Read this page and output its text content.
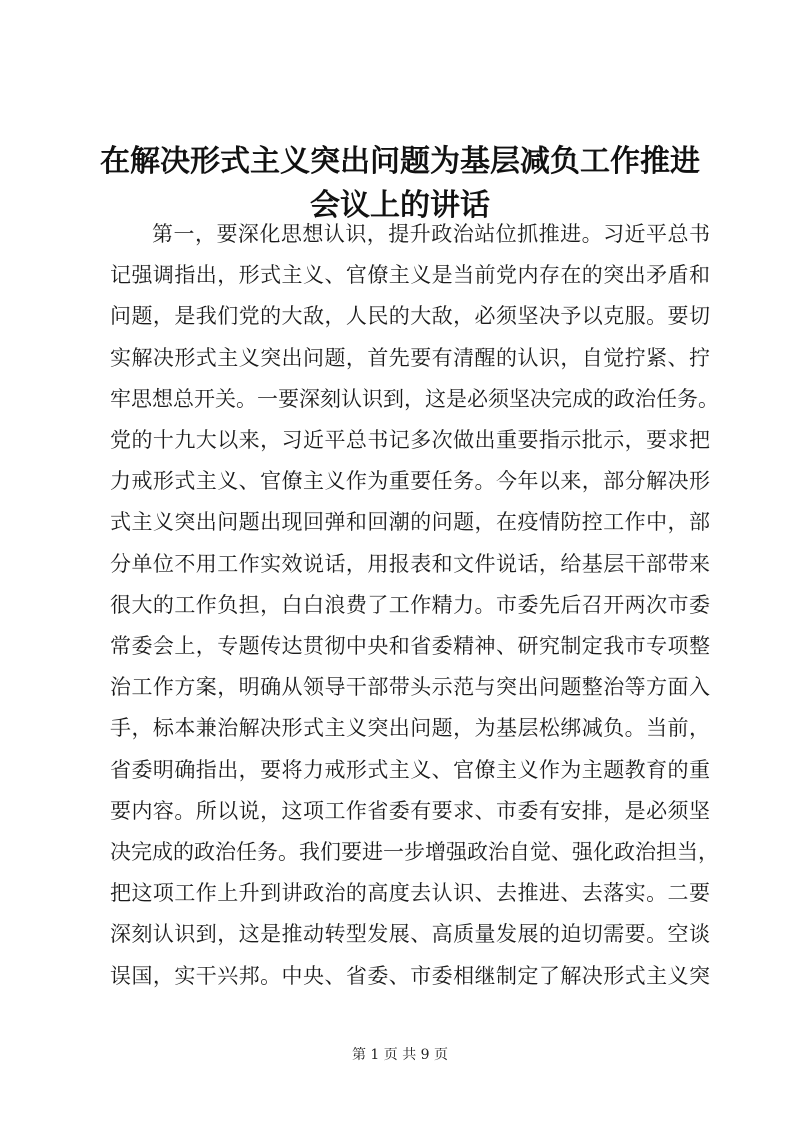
在解决形式主义突出问题为基层减负工作推进
会议上的讲话
第一，要深化思想认识，提升政治站位抓推进。习近平总书
记强调指出，形式主义、官僚主义是当前党内存在的突出矛盾和
问题，是我们党的大敌，人民的大敌，必须坚决予以克服。要切
实解决形式主义突出问题，首先要有清醒的认识，自觉拧紧、拧
牢思想总开关。一要深刻认识到，这是必须坚决完成的政治任务。
党的十九大以来，习近平总书记多次做出重要指示批示，要求把
力戒形式主义、官僚主义作为重要任务。今年以来，部分解决形
式主义突出问题出现回弹和回潮的问题，在疫情防控工作中，部
分单位不用工作实效说话，用报表和文件说话，给基层干部带来
很大的工作负担，白白浪费了工作精力。市委先后召开两次市委
常委会上，专题传达贯彻中央和省委精神、研究制定我市专项整
治工作方案，明确从领导干部带头示范与突出问题整治等方面入
手，标本兼治解决形式主义突出问题，为基层松绑减负。当前，
省委明确指出，要将力戒形式主义、官僚主义作为主题教育的重
要内容。所以说，这项工作省委有要求、市委有安排，是必须坚
决完成的政治任务。我们要进一步增强政治自觉、强化政治担当，
把这项工作上升到讲政治的高度去认识、去推进、去落实。二要
深刻认识到，这是推动转型发展、高质量发展的迫切需要。空谈
误国，实干兴邦。中央、省委、市委相继制定了解决形式主义突
第 1 页 共 9 页
